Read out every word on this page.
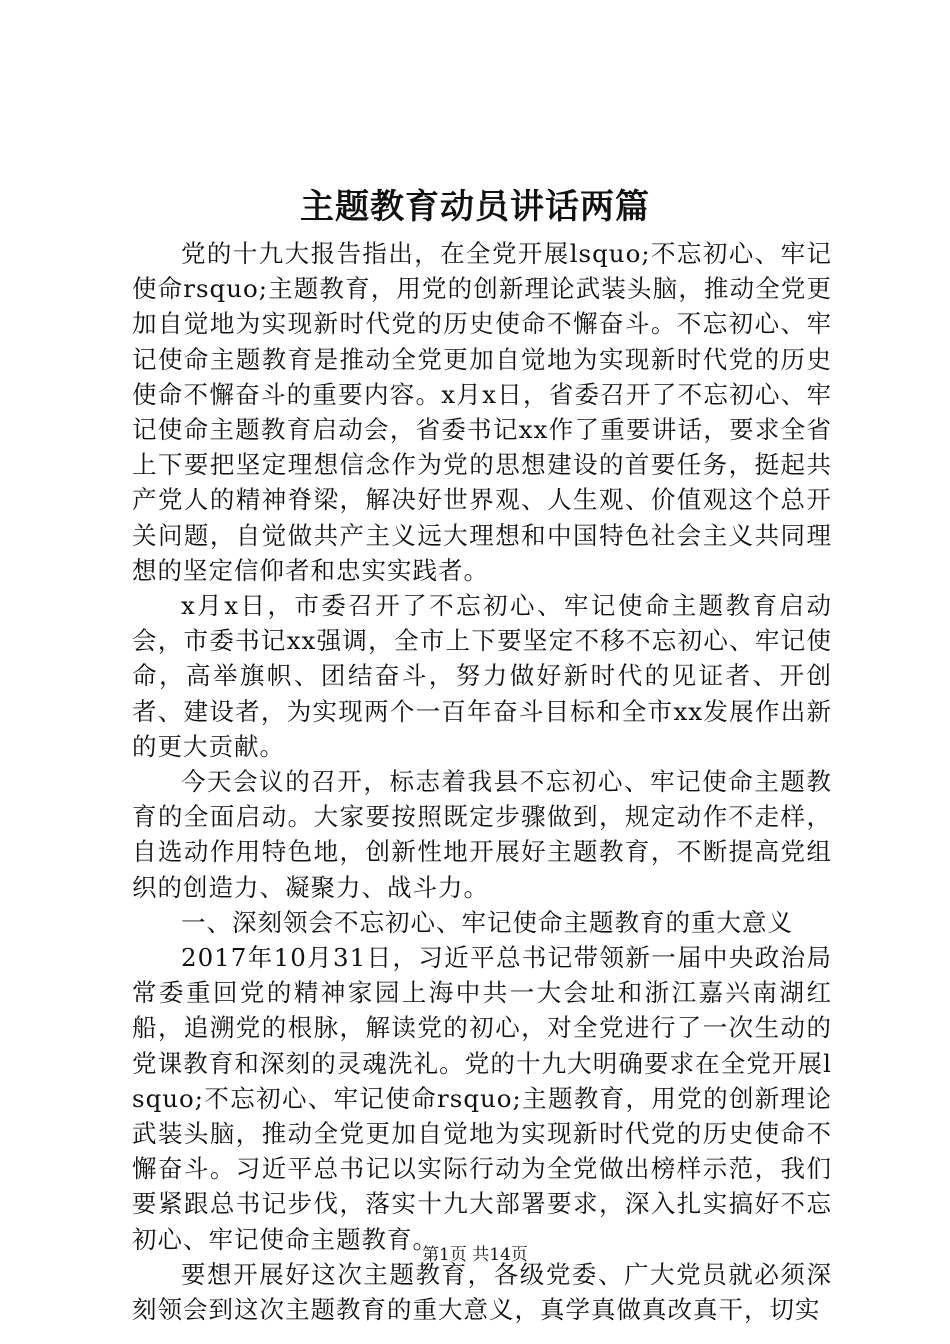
主题教育动员讲话两篇

党的十九大报告指出，在全党开展lsquo;不忘初心、牢记使命rsquo;主题教育，用党的创新理论武装头脑，推动全党更加自觉地为实现新时代党的历史使命不懈奋斗。不忘初心、牢记使命主题教育是推动全党更加自觉地为实现新时代党的历史使命不懈奋斗的重要内容。x月x日，省委召开了不忘初心、牢记使命主题教育启动会，省委书记xx作了重要讲话，要求全省上下要把坚定理想信念作为党的思想建设的首要任务，挺起共产党人的精神脊梁，解决好世界观、人生观、价值观这个总开关问题，自觉做共产主义远大理想和中国特色社会主义共同理想的坚定信仰者和忠实实践者。

x月x日，市委召开了不忘初心、牢记使命主题教育启动会，市委书记xx强调，全市上下要坚定不移不忘初心、牢记使命，高举旗帜、团结奋斗，努力做好新时代的见证者、开创者、建设者，为实现两个一百年奋斗目标和全市xx发展作出新的更大贡献。

今天会议的召开，标志着我县不忘初心、牢记使命主题教育的全面启动。大家要按照既定步骤做到，规定动作不走样，自选动作用特色地，创新性地开展好主题教育，不断提高党组织的创造力、凝聚力、战斗力。

一、深刻领会不忘初心、牢记使命主题教育的重大意义

2017年10月31日，习近平总书记带领新一届中央政治局常委重回党的精神家园上海中共一大会址和浙江嘉兴南湖红船，追溯党的根脉，解读党的初心，对全党进行了一次生动的党课教育和深刻的灵魂洗礼。党的十九大明确要求在全党开展lsquo;不忘初心、牢记使命rsquo;主题教育，用党的创新理论武装头脑，推动全党更加自觉地为实现新时代党的历史使命不懈奋斗。习近平总书记以实际行动为全党做出榜样示范，我们要紧跟总书记步伐，落实十九大部署要求，深入扎实搞好不忘初心、牢记使命主题教育。

要想开展好这次主题教育，各级党委、广大党员就必须深刻领会到这次主题教育的重大意义，真学真做真改真干，切实

第1页 共14页
